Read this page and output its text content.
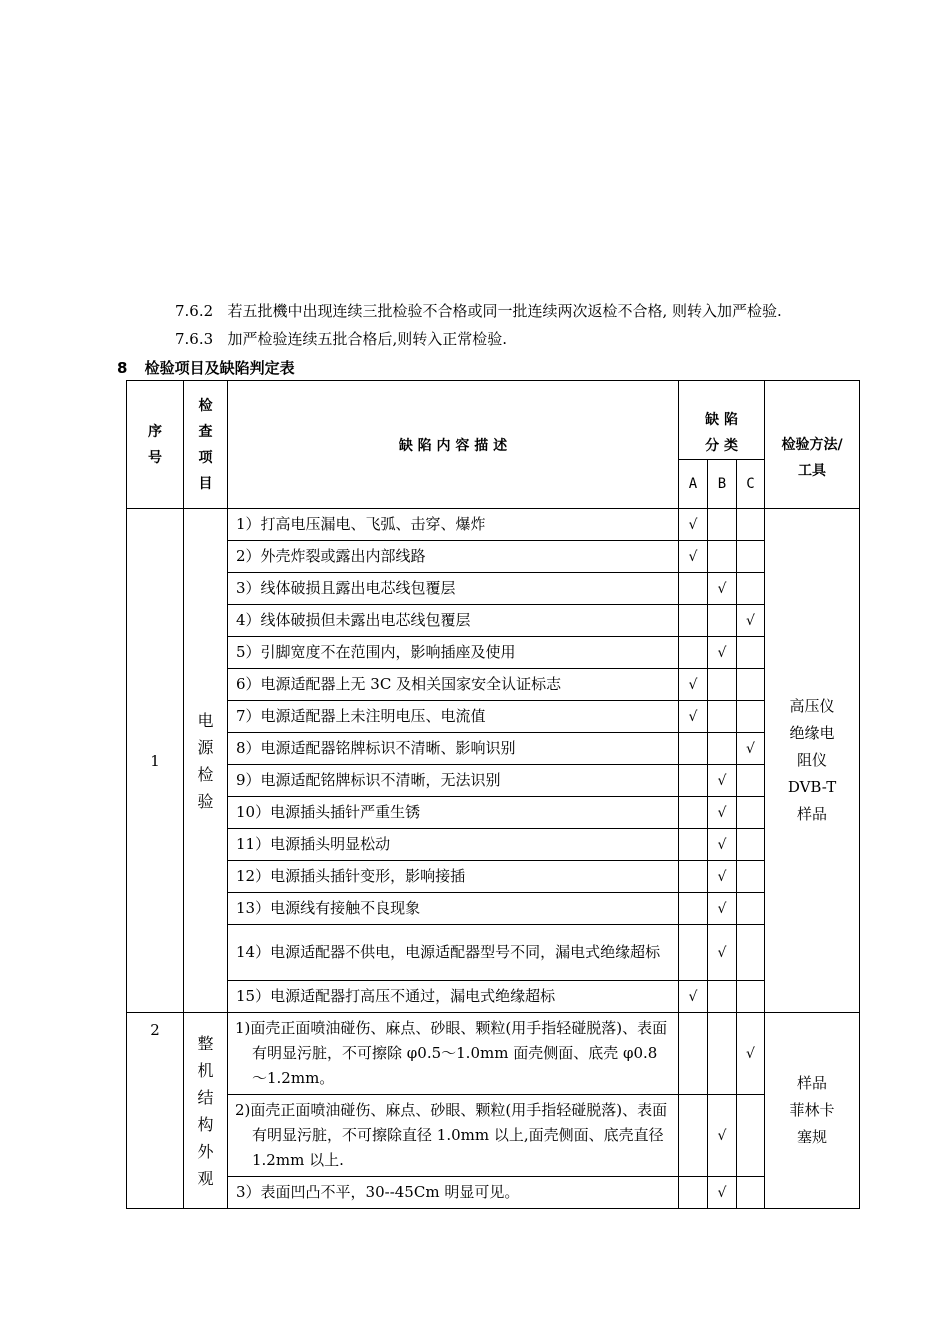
7.6.2 若五批機中出现连续三批检验不合格或同一批连续两次返检不合格, 则转入加严检验.
7.6.3 加严检验连续五批合格后,则转入正常检验.
8 检验项目及缺陷判定表
序号	检查项目	缺 陷 内 容 描 述	缺 陷
分 类			检验方法/
工具

			A	B	C	
1	电源检验	1）打高电压漏电、飞弧、击穿、爆炸	√			高压仪
绝缘电
阻仪
DVB-T
样品
		2）外壳炸裂或露出内部线路	√			
		3）线体破损且露出电芯线包覆层		√		
		4）线体破损但未露出电芯线包覆层			√	
		5）引脚宽度不在范围内，影响插座及使用		√		
		6）电源适配器上无 3C 及相关国家安全认证标志	√			
		7）电源适配器上未注明电压、电流值	√			
		8）电源适配器铭牌标识不清晰、影响识别			√	
		9）电源适配铭牌标识不清晰，无法识别		√		
		10）电源插头插针严重生锈		√		
		11）电源插头明显松动		√		
		12）电源插头插针变形，影响接插		√		
		13）电源线有接触不良现象		√		
		14）电源适配器不供电，电源适配器型号不同，漏电式绝缘超标		√		
		15）电源适配器打高压不通过，漏电式绝缘超标	√			
2	整机结构外观	1)面壳正面喷油碰伤、麻点、砂眼、颗粒(用手指轻碰脱落)、表面有明显污脏，不可擦除 φ0.5～1.0mm 面壳侧面、底壳 φ0.8～1.2mm。			√	样品
菲林卡
塞规
		2)面壳正面喷油碰伤、麻点、砂眼、颗粒(用手指轻碰脱落)、表面有明显污脏，不可擦除直径 1.0mm 以上,面壳侧面、底壳直径 1.2mm 以上.		√		
		3）表面凹凸不平，30--45Cm 明显可见。		√		
